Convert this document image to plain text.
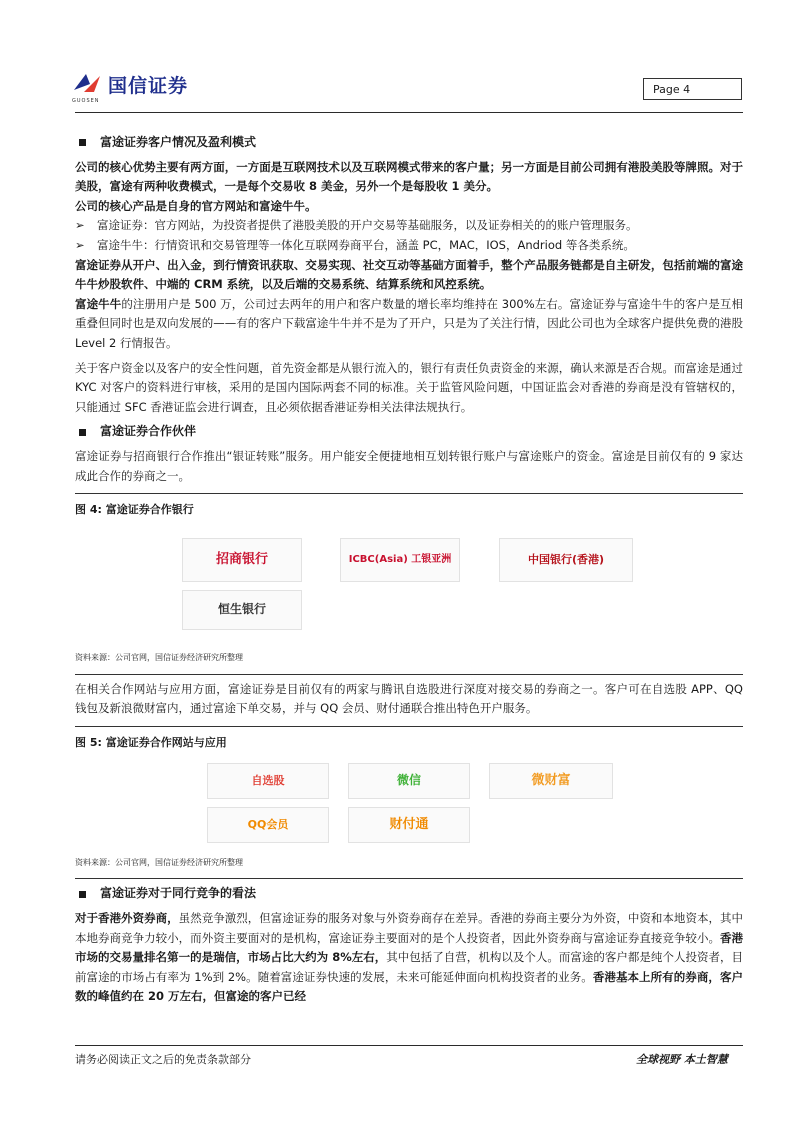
国信证券
GUOSEN
Page 4
富途证券客户情况及盈利模式

公司的核心优势主要有两方面，一方面是互联网技术以及互联网模式带来的客户量；另一方面是目前公司拥有港股美股等牌照。对于美股，富途有两种收费模式，一是每个交易收 8 美金，另外一个是每股收 1 美分。

公司的核心产品是自身的官方网站和富途牛牛。

➢	富途证券：官方网站，为投资者提供了港股美股的开户交易等基础服务，以及证券相关的的账户管理服务。

➢	富途牛牛：行情资讯和交易管理等一体化互联网券商平台，涵盖 PC，MAC，IOS，Andriod 等各类系统。

富途证券从开户、出入金，到行情资讯获取、交易实现、社交互动等基础方面着手，整个产品服务链都是自主研发，包括前端的富途牛牛炒股软件、中端的 CRM 系统，以及后端的交易系统、结算系统和风控系统。

富途牛牛的注册用户是 500 万，公司过去两年的用户和客户数量的增长率均维持在 300%左右。富途证券与富途牛牛的客户是互相重叠但同时也是双向发展的——有的客户下载富途牛牛并不是为了开户，只是为了关注行情，因此公司也为全球客户提供免费的港股 Level 2 行情报告。

关于客户资金以及客户的安全性问题，首先资金都是从银行流入的，银行有责任负责资金的来源，确认来源是否合规。而富途是通过 KYC 对客户的资料进行审核，采用的是国内国际两套不同的标准。关于监管风险问题，中国证监会对香港的券商是没有管辖权的，只能通过 SFC 香港证监会进行调查，且必须依据香港证券相关法律法规执行。

富途证券合作伙伴

富途证券与招商银行合作推出“银证转账”服务。用户能安全便捷地相互划转银行账户与富途账户的资金。富途是目前仅有的 9 家达成此合作的券商之一。

图 4: 富途证券合作银行
招商银行	ICBC(Asia) 工银亚洲	中国银行(香港)
恒生银行
资料来源：公司官网，国信证券经济研究所整理

在相关合作网站与应用方面，富途证券是目前仅有的两家与腾讯自选股进行深度对接交易的券商之一。客户可在自选股 APP、QQ 钱包及新浪微财富内，通过富途下单交易，并与 QQ 会员、财付通联合推出特色开户服务。

图 5: 富途证券合作网站与应用
自选股	微信	微财富
QQ会员	财付通
资料来源：公司官网，国信证券经济研究所整理
富途证券对于同行竞争的看法

对于香港外资券商，虽然竞争激烈，但富途证券的服务对象与外资券商存在差异。香港的券商主要分为外资，中资和本地资本，其中本地券商竞争力较小，而外资主要面对的是机构，富途证券主要面对的是个人投资者，因此外资券商与富途证券直接竞争较小。香港市场的交易量排名第一的是瑞信，市场占比大约为 8%左右，其中包括了自营，机构以及个人。而富途的客户都是纯个人投资者，目前富途的市场占有率为 1%到 2%。随着富途证券快速的发展，未来可能延伸面向机构投资者的业务。香港基本上所有的券商，客户数的峰值约在 20 万左右，但富途的客户已经

请务必阅读正文之后的免责条款部分	全球视野 本土智慧
